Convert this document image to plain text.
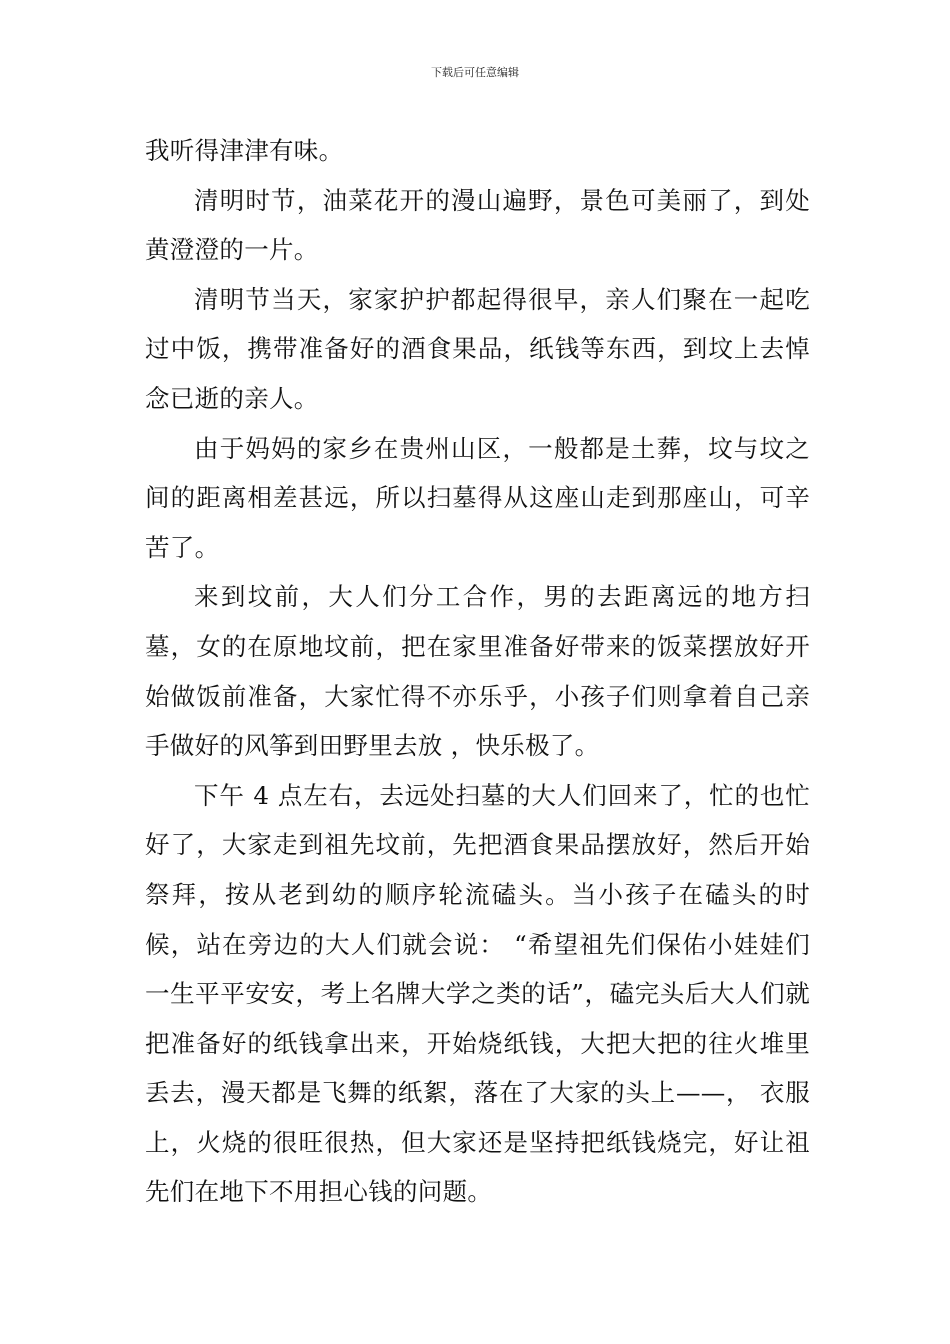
下载后可任意编辑

我听得津津有味。

清明时节，油菜花开的漫山遍野，景色可美丽了，到处黄澄澄的一片。

清明节当天，家家护护都起得很早，亲人们聚在一起吃过中饭，携带准备好的酒食果品，纸钱等东西，到坟上去悼念已逝的亲人。

由于妈妈的家乡在贵州山区，一般都是土葬，坟与坟之间的距离相差甚远，所以扫墓得从这座山走到那座山，可辛苦了。

来到坟前，大人们分工合作，男的去距离远的地方扫墓，女的在原地坟前，把在家里准备好带来的饭菜摆放好开始做饭前准备，大家忙得不亦乐乎，小孩子们则拿着自己亲手做好的风筝到田野里去放 ，快乐极了。

下午 4 点左右，去远处扫墓的大人们回来了，忙的也忙好了，大家走到祖先坟前，先把酒食果品摆放好，然后开始祭拜，按从老到幼的顺序轮流磕头。当小孩子在磕头的时候，站在旁边的大人们就会说： “希望祖先们保佑小娃娃们一生平平安安，考上名牌大学之类的话”，磕完头后大人们就把准备好的纸钱拿出来，开始烧纸钱，大把大把的往火堆里丢去，漫天都是飞舞的纸絮，落在了大家的头上——， 衣服上，火烧的很旺很热，但大家还是坚持把纸钱烧完，好让祖先们在地下不用担心钱的问题。
